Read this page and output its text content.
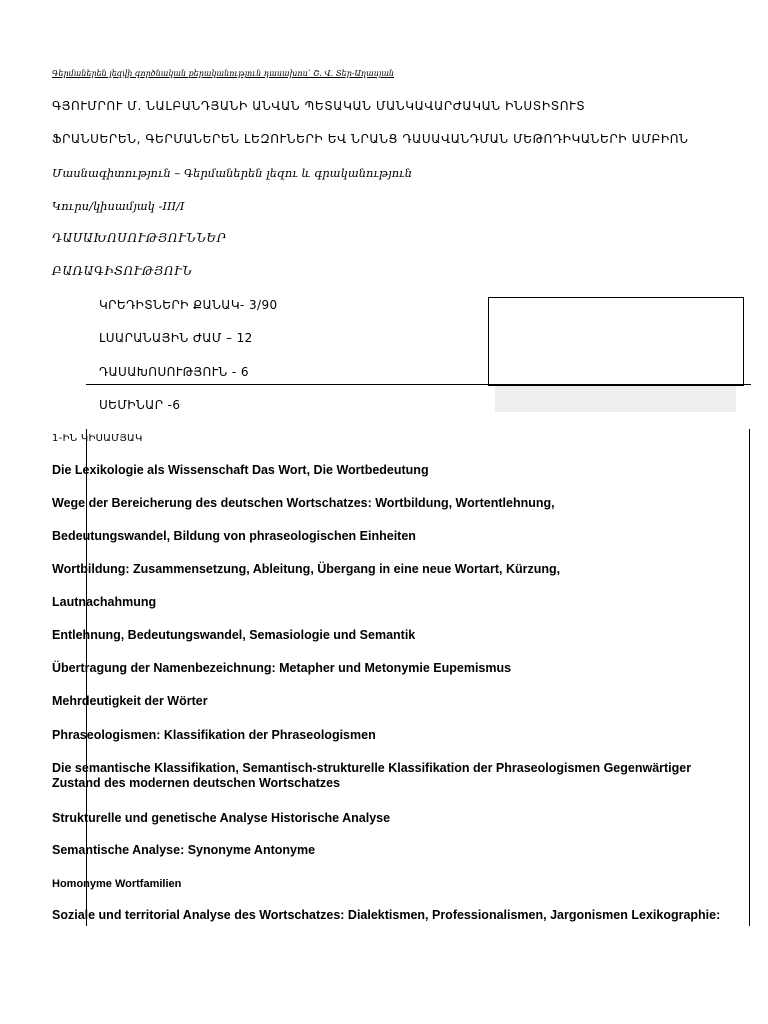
Գերմաներեն լեզվի գործնական քերականություն դասախոս՝ Շ. Վ. Տեր-Աղասյան
ԳՅՈՒՄՐՈՒ Մ. ՆԱԼԲԱՆԴՅԱՆԻ ԱՆՎԱՆ ՊԵՏԱԿԱՆ ՄԱՆԿԱՎԱՐԺԱԿԱՆ ԻՆՍՏԻՏՈՒՏ
ՖՐԱՆՍԵՐԵՆ, ԳԵՐՄԱՆԵՐԵՆ ԼԵԶՈՒՆԵՐԻ ԵՎ ՆՐԱՆՑ ԴԱՍԱՎԱՆԴՄԱՆ ՄԵԹՈԴԻԿԱՆԵՐԻ ԱՄԲԻՈՆ
Մասնագիտություն – Գերմաներեն լեզու և գրականություն
Կուրս/կիսամյակ -III/I
ԴԱՍԱԽՈՍՈՒԹՅՈՒՆՆԵՐ
ԲԱՌԱԳԻՏՈՒԹՅՈՒՆ
ԿՐԵԴԻՏՆԵՐԻ ՔԱՆԱԿ- 3/90
ԼՍԱՐԱՆԱՅԻՆ ԺԱՄ – 12
ԴԱՍԱԽՈՍՈՒԹՅՈՒՆ - 6
ՍԵՄԻՆԱՐ -6
1-ԻՆ ԿԻՍԱՄՅԱԿ
Die Lexikologie als Wissenschaft Das Wort, Die Wortbedeutung
Wege der Bereicherung des deutschen Wortschatzes: Wortbildung, Wortentlehnung,
Bedeutungswandel, Bildung von phraseologischen Einheiten
Wortbildung: Zusammensetzung, Ableitung, Übergang in eine neue Wortart, Kürzung,
Lautnachahmung
Entlehnung, Bedeutungswandel, Semasiologie und Semantik
Übertragung der Namenbezeichnung: Metapher und Metonymie Eupemismus
Mehrdeutigkeit der Wörter
Phraseologismen: Klassifikation der Phraseologismen
Die semantische Klassifikation, Semantisch-strukturelle Klassifikation der Phraseologismen Gegenwärtiger Zustand des modernen deutschen Wortschatzes
Strukturelle und genetische Analyse Historische Analyse
Semantische Analyse: Synonyme Antonyme
Homonyme Wortfamilien
Soziale und territorial Analyse des Wortschatzes: Dialektismen, Professionalismen, Jargonismen Lexikographie:
